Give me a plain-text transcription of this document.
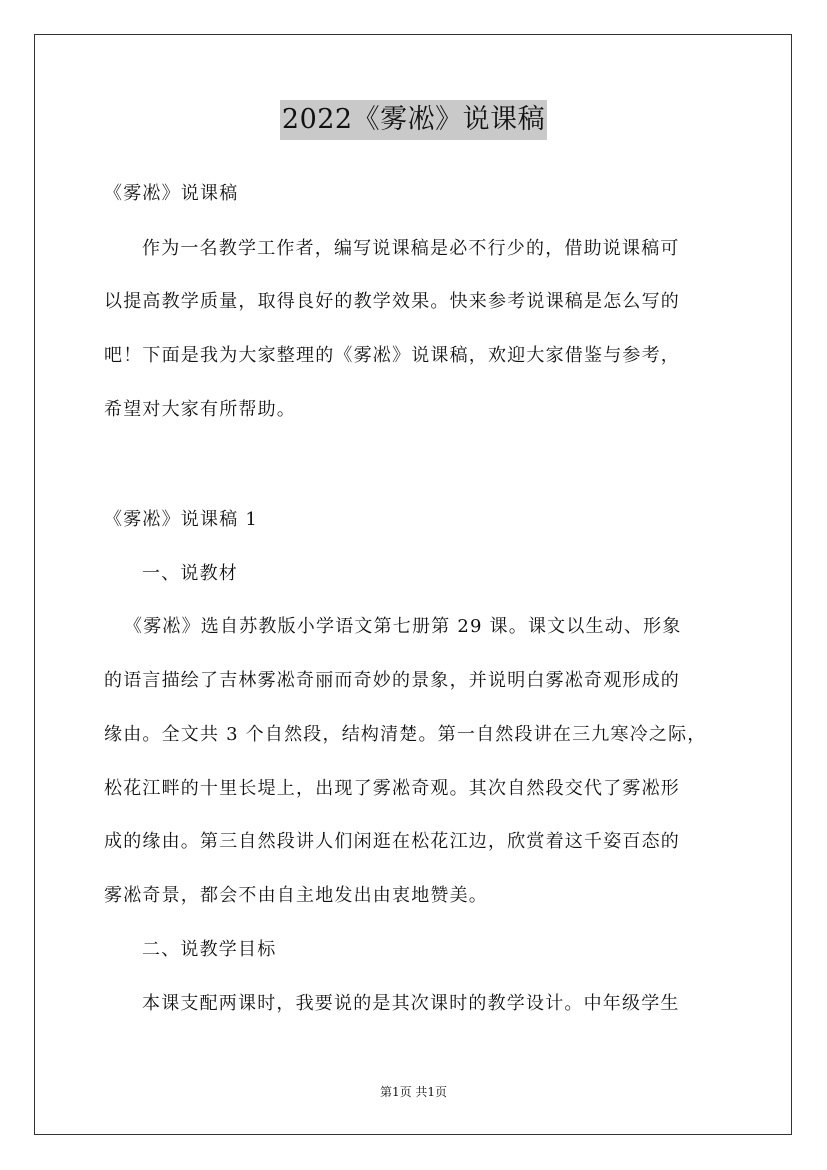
2022《雾凇》说课稿
《雾凇》说课稿
作为一名教学工作者，编写说课稿是必不行少的，借助说课稿可
以提高教学质量，取得良好的教学效果。快来参考说课稿是怎么写的
吧！下面是我为大家整理的《雾凇》说课稿，欢迎大家借鉴与参考，
希望对大家有所帮助。
《雾凇》说课稿 1
一、说教材
《雾凇》选自苏教版小学语文第七册第 29 课。课文以生动、形象
的语言描绘了吉林雾凇奇丽而奇妙的景象，并说明白雾凇奇观形成的
缘由。全文共 3 个自然段，结构清楚。第一自然段讲在三九寒冷之际，
松花江畔的十里长堤上，出现了雾凇奇观。其次自然段交代了雾凇形
成的缘由。第三自然段讲人们闲逛在松花江边，欣赏着这千姿百态的
雾凇奇景，都会不由自主地发出由衷地赞美。
二、说教学目标
本课支配两课时，我要说的是其次课时的教学设计。中年级学生
第1页 共1页
